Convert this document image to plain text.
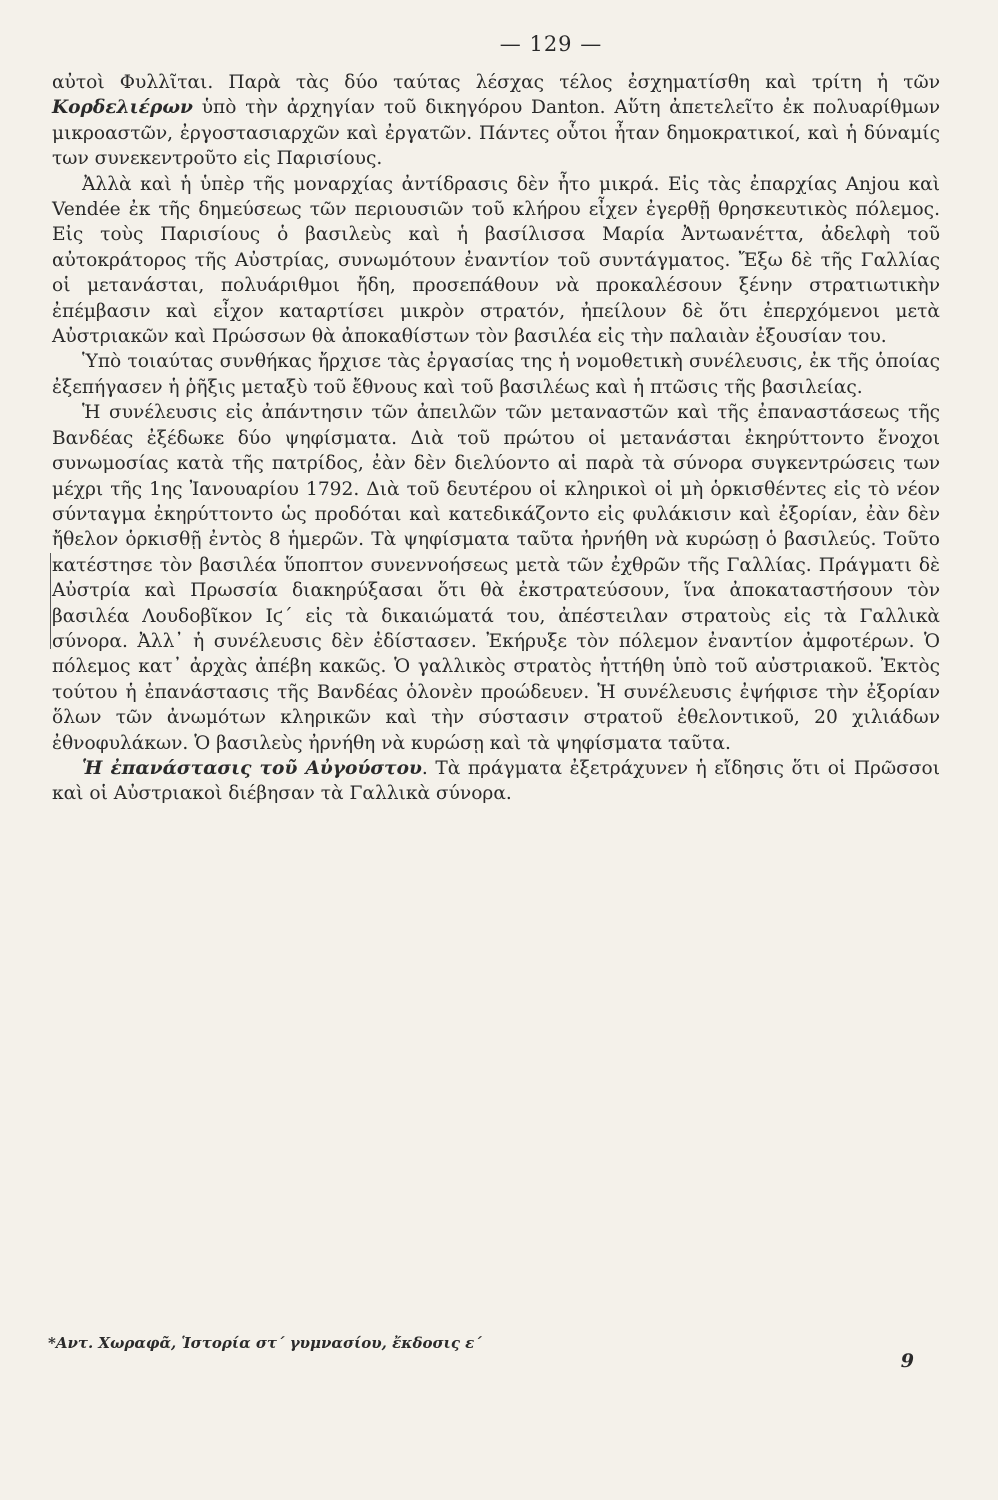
— 129 —

αὐτοὶ Φυλλῖται. Παρὰ τὰς δύο ταύτας λέσχας τέλος ἐσχηματίσθη καὶ τρίτη ἡ τῶν Κορδελιέρων ὑπὸ τὴν ἀρχηγίαν τοῦ δικηγόρου Danton. Αὕτη ἀπετελεῖτο ἐκ πολυαρίθμων μικροαστῶν, ἐργοστασιαρχῶν καὶ ἐργατῶν. Πάντες οὗτοι ἦταν δημοκρατικοί, καὶ ἡ δύναμίς των συνεκεντροῦτο εἰς Παρισίους.

Ἀλλὰ καὶ ἡ ὑπὲρ τῆς μοναρχίας ἀντίδρασις δὲν ἦτο μικρά. Εἰς τὰς ἐπαρχίας Anjou καὶ Vendée ἐκ τῆς δημεύσεως τῶν περιουσιῶν τοῦ κλήρου εἶχεν ἐγερθῇ θρησκευτικὸς πόλεμος. Εἰς τοὺς Παρισίους ὁ βασιλεὺς καὶ ἡ βασίλισσα Μαρία Ἀντωανέττα, ἀδελφὴ τοῦ αὐτοκράτορος τῆς Αὐστρίας, συνωμότουν ἐναντίον τοῦ συντάγματος. Ἔξω δὲ τῆς Γαλλίας οἱ μετανάσται, πολυάριθμοι ἤδη, προσεπάθουν νὰ προκαλέσουν ξένην στρατιωτικὴν ἐπέμβασιν καὶ εἶχον καταρτίσει μικρὸν στρατόν, ἠπείλουν δὲ ὅτι ἐπερχόμενοι μετὰ Αὐστριακῶν καὶ Πρώσσων θὰ ἀποκαθίστων τὸν βασιλέα εἰς τὴν παλαιὰν ἐξουσίαν του.

Ὑπὸ τοιαύτας συνθήκας ἤρχισε τὰς ἐργασίας της ἡ νομοθετικὴ συνέλευσις, ἐκ τῆς ὁποίας ἐξεπήγασεν ἡ ῥῆξις μεταξὺ τοῦ ἔθνους καὶ τοῦ βασιλέως καὶ ἡ πτῶσις τῆς βασιλείας.

Ἡ συνέλευσις εἰς ἀπάντησιν τῶν ἀπειλῶν τῶν μεταναστῶν καὶ τῆς ἐπαναστάσεως τῆς Βανδέας ἐξέδωκε δύο ψηφίσματα. Διὰ τοῦ πρώτου οἱ μετανάσται ἐκηρύττοντο ἔνοχοι συνωμοσίας κατὰ τῆς πατρίδος, ἐὰν δὲν διελύοντο αἱ παρὰ τὰ σύνορα συγκεντρώσεις των μέχρι τῆς 1ης Ἰανουαρίου 1792. Διὰ τοῦ δευτέρου οἱ κληρικοὶ οἱ μὴ ὁρκισθέντες εἰς τὸ νέον σύνταγμα ἐκηρύττοντο ὡς προδόται καὶ κατεδικάζοντο εἰς φυλάκισιν καὶ ἐξορίαν, ἐὰν δὲν ἤθελον ὁρκισθῇ ἐντὸς 8 ἡμερῶν. Τὰ ψηφίσματα ταῦτα ἠρνήθη νὰ κυρώσῃ ὁ βασιλεύς. Τοῦτο κατέστησε τὸν βασιλέα ὕποπτον συνεννοήσεως μετὰ τῶν ἐχθρῶν τῆς Γαλλίας. Πράγματι δὲ Αὐστρία καὶ Πρωσσία διακηρύξασαι ὅτι θὰ ἐκστρατεύσουν, ἵνα ἀποκαταστήσουν τὸν βασιλέα Λουδοβῖκον Ιϛ´ εἰς τὰ δικαιώματά του, ἀπέστειλαν στρατοὺς εἰς τὰ Γαλλικὰ σύνορα. Ἀλλ᾽ ἡ συνέλευσις δὲν ἐδίστασεν. Ἐκήρυξε τὸν πόλεμον ἐναντίον ἀμφοτέρων. Ὁ πόλεμος κατ᾽ ἀρχὰς ἀπέβη κακῶς. Ὁ γαλλικὸς στρατὸς ἡττήθη ὑπὸ τοῦ αὐστριακοῦ. Ἐκτὸς τούτου ἡ ἐπανάστασις τῆς Βανδέας ὁλονὲν προώδευεν. Ἡ συνέλευσις ἐψήφισε τὴν ἐξορίαν ὅλων τῶν ἀνωμότων κληρικῶν καὶ τὴν σύστασιν στρατοῦ ἐθελοντικοῦ, 20 χιλιάδων ἐθνοφυλάκων. Ὁ βασιλεὺς ἠρνήθη νὰ κυρώσῃ καὶ τὰ ψηφίσματα ταῦτα.

Ἡ ἐπανάστασις τοῦ Αὐγούστου. Τὰ πράγματα ἐξετράχυνεν ἡ εἴδησις ὅτι οἱ Πρῶσσοι καὶ οἱ Αὐστριακοὶ διέβησαν τὰ Γαλλικὰ σύνορα.

*Αντ. Χωραφᾶ, Ἱστορία στ´ γυμνασίου, ἔκδοσις ε´
9
